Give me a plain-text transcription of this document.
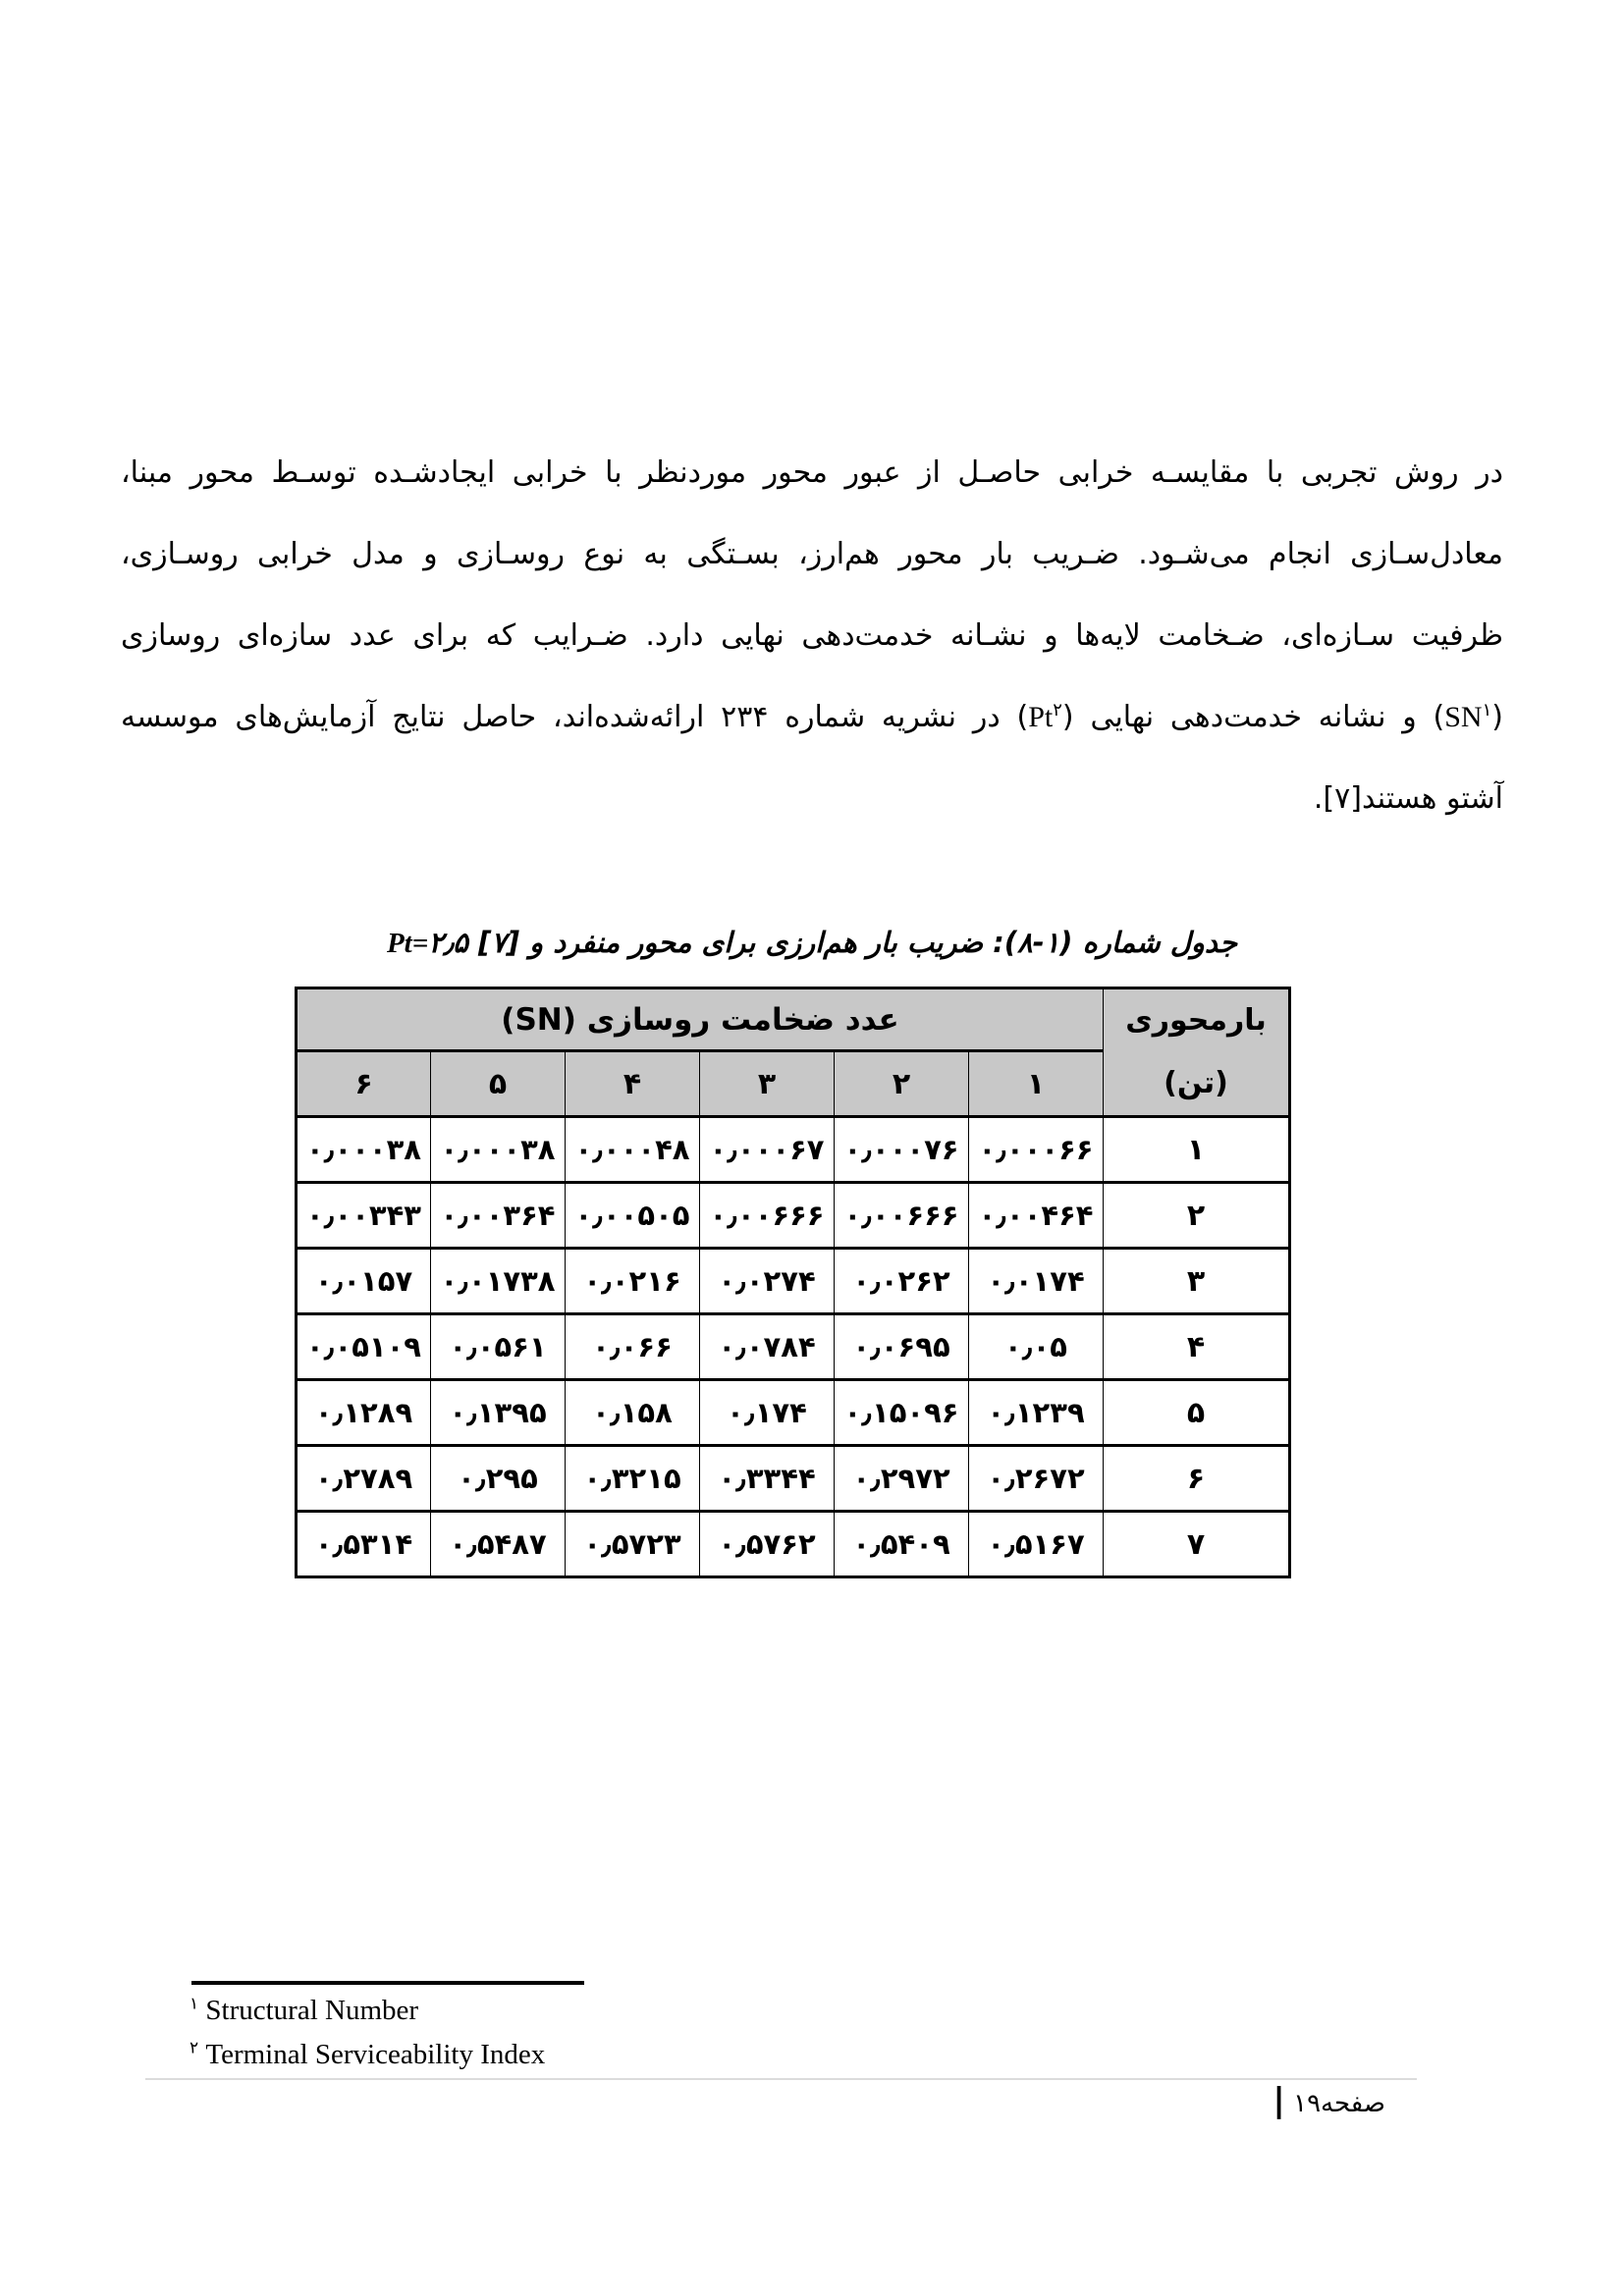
در روش تجربی با مقایسـه خرابی حاصـل از عبور محور موردنظر با خرابی ایجادشـده توسـط محور مبنا،
معادل‌سـازی انجام می‌شـود. ضـریب بار محور هم‌ارز، بسـتگی به نوع روسـازی و مدل خرابی روسـازی،
ظرفیت سـازه‌ای، ضـخامت لایه‌ها و نشـانه خدمت‌دهی نهایی دارد. ضـرایب که برای عدد سازه‌ای روسازی
$(SN^۱)$ و نشانه خدمت‌دهی نهایی (Pt$^۲$) در نشریه شماره ۲۳۴ ارائه‌شده‌اند، حاصل نتایج آزمایش‌های موسسه
آشتو هستند[۷].
جدول شماره (۱-۸): ضریب بار هم‌ارزی برای محور منفرد و Pt=۲٫۵ [۷]
عدد ضخامت روسازی (SN)						بارمحوری
(تن)

۶	۵	۴	۳	۲	۱	
۰٫۰۰۰۳۸	۰٫۰۰۰۳۸	۰٫۰۰۰۴۸	۰٫۰۰۰۶۷	۰٫۰۰۰۷۶	۰٫۰۰۰۶۶	۱
۰٫۰۰۳۴۳	۰٫۰۰۳۶۴	۰٫۰۰۵۰۵	۰٫۰۰۶۶۶	۰٫۰۰۶۶۶	۰٫۰۰۴۶۴	۲
۰٫۰۱۵۷	۰٫۰۱۷۳۸	۰٫۰۲۱۶	۰٫۰۲۷۴	۰٫۰۲۶۲	۰٫۰۱۷۴	۳
۰٫۰۵۱۰۹	۰٫۰۵۶۱	۰٫۰۶۶	۰٫۰۷۸۴	۰٫۰۶۹۵	۰٫۰۵	۴
۰٫۱۲۸۹	۰٫۱۳۹۵	۰٫۱۵۸	۰٫۱۷۴	۰٫۱۵۰۹۶	۰٫۱۲۳۹	۵
۰٫۲۷۸۹	۰٫۲۹۵	۰٫۳۲۱۵	۰٫۳۳۴۴	۰٫۲۹۷۲	۰٫۲۶۷۲	۶
۰٫۵۳۱۴	۰٫۵۴۸۷	۰٫۵۷۲۳	۰٫۵۷۶۲	۰٫۵۴۰۹	۰٫۵۱۶۷	۷
$^۱$ Structural Number
$^۲$ Terminal Serviceability Index
صفحه۱۹ |
